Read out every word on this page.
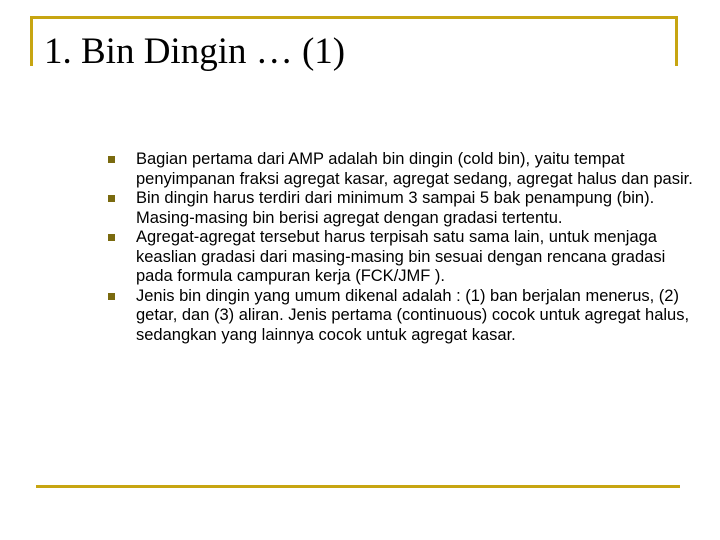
1. Bin Dingin … (1)
Bagian pertama dari AMP adalah bin dingin (cold bin), yaitu tempat penyimpanan fraksi agregat kasar, agregat sedang, agregat halus dan pasir.
Bin dingin harus terdiri dari minimum 3 sampai 5 bak penampung (bin). Masing-masing bin berisi agregat dengan gradasi tertentu.
Agregat-agregat tersebut harus terpisah satu sama lain, untuk menjaga keaslian gradasi dari masing-masing bin sesuai dengan rencana gradasi pada formula campuran kerja (FCK/JMF ).
Jenis bin dingin yang umum dikenal adalah : (1) ban berjalan menerus, (2) getar, dan (3) aliran. Jenis pertama (continuous) cocok untuk agregat halus, sedangkan yang lainnya cocok untuk agregat kasar.
